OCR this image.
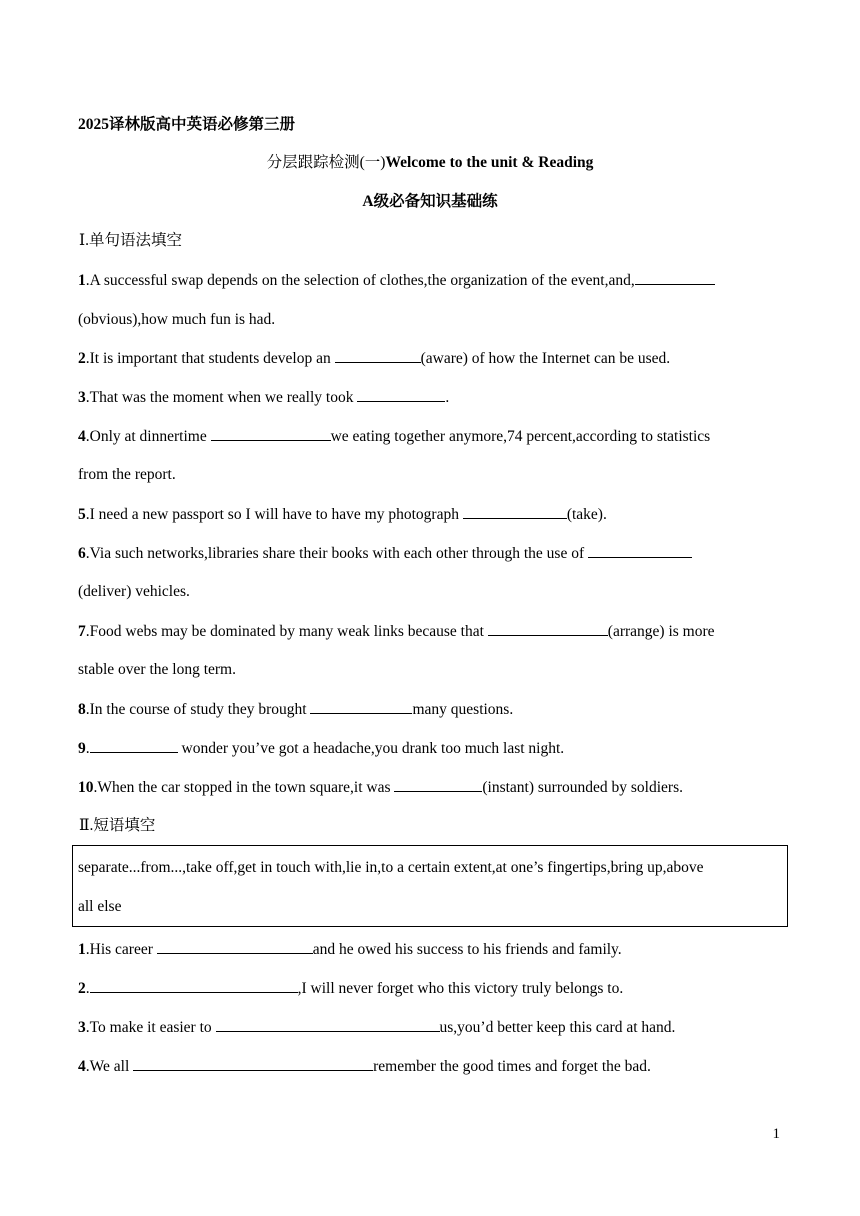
2025译林版高中英语必修第三册
分层跟踪检测(一)Welcome to the unit & Reading
A级必备知识基础练
Ⅰ.单句语法填空
1.A successful swap depends on the selection of clothes,the organization of the event,and,
(obvious),how much fun is had.
2.It is important that students develop an	(aware) of how the Internet can be used.
3.That was the moment when we really took	.
4.Only at dinnertime	we eating together anymore,74 percent,according to statistics
from the report.
5.I need a new passport so I will have to have my photograph	(take).
6.Via such networks,libraries share their books with each other through the use of
(deliver) vehicles.
7.Food webs may be dominated by many weak links because that	(arrange) is more
stable over the long term.
8.In the course of study they brought	many questions.
9.	wonder you’ve got a headache,you drank too much last night.
10.When the car stopped in the town square,it was	(instant) surrounded by soldiers.
Ⅱ.短语填空
separate...from...,take off,get in touch with,lie in,to a certain extent,at one’s fingertips,bring up,above
all else
1.His career	and he owed his success to his friends and family.
2.	,I will never forget who this victory truly belongs to.
3.To make it easier to	us,you’d better keep this card at hand.
4.We all	remember the good times and forget the bad.
1
